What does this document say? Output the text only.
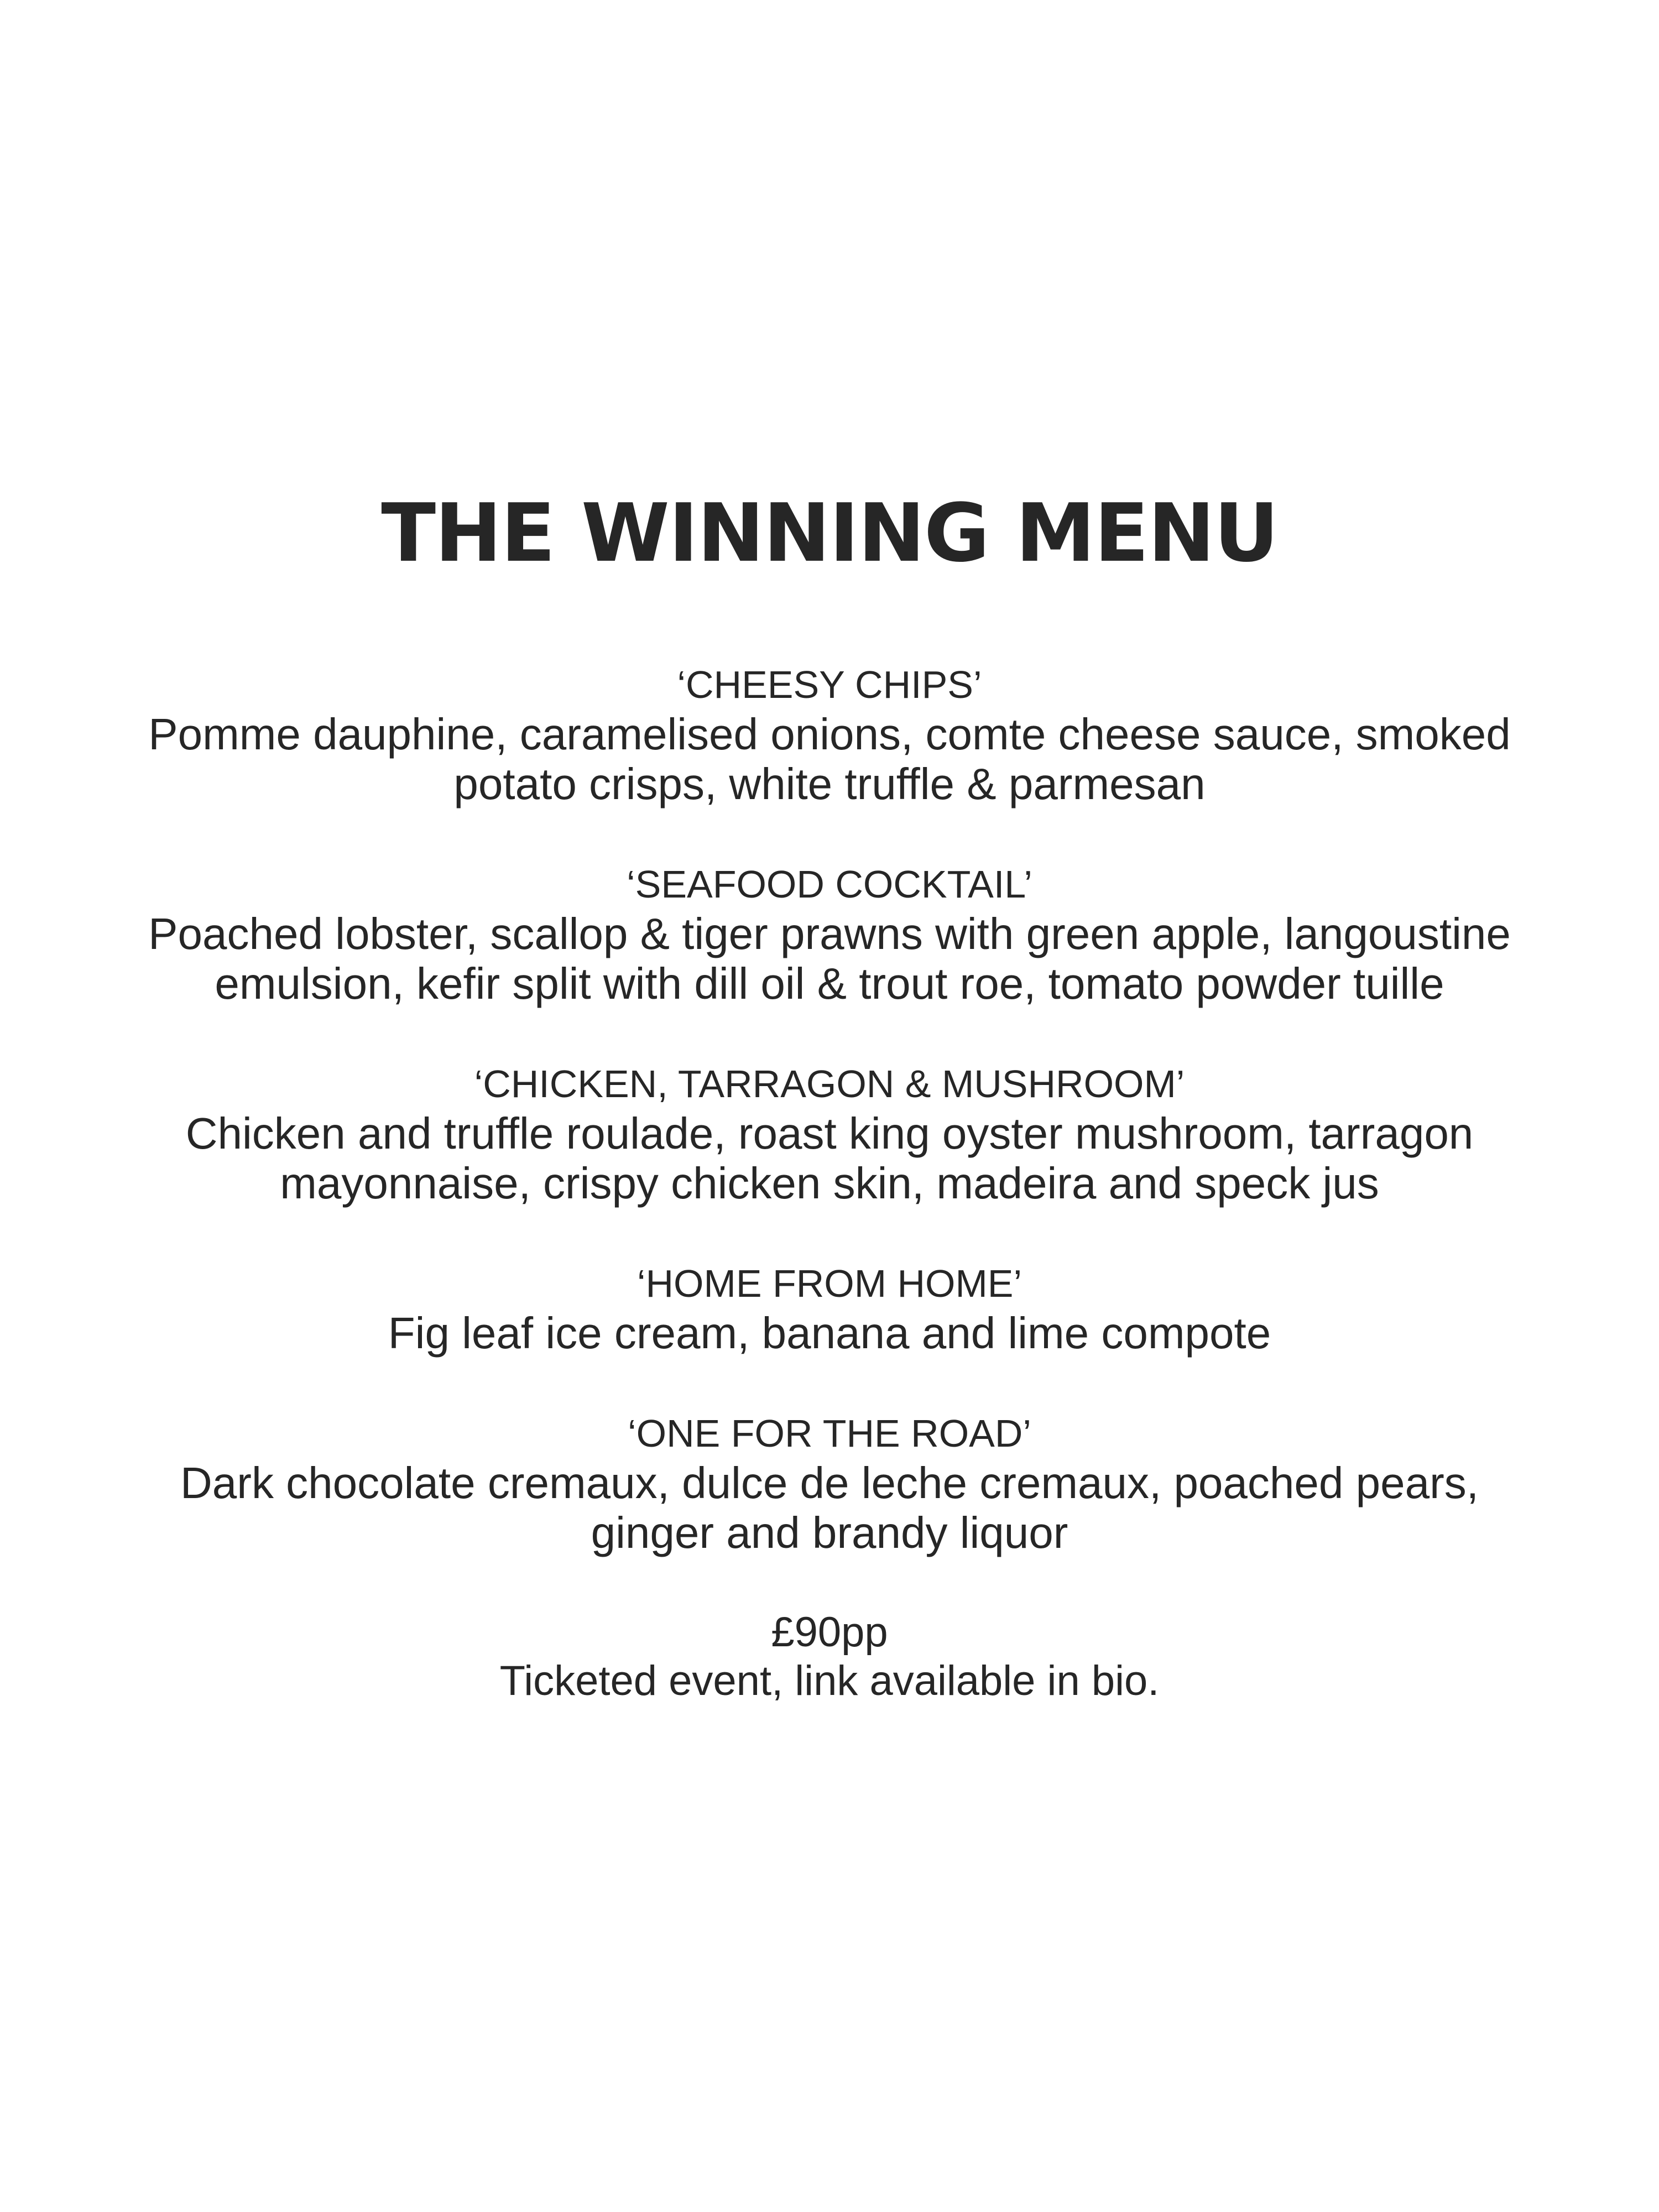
THE WINNING MENU
‘CHEESY CHIPS’
Pomme dauphine, caramelised onions, comte cheese sauce, smoked
potato crisps, white truffle & parmesan
‘SEAFOOD COCKTAIL’
Poached lobster, scallop & tiger prawns with green apple, langoustine
emulsion, kefir split with dill oil & trout roe, tomato powder tuille
‘CHICKEN, TARRAGON & MUSHROOM’
Chicken and truffle roulade, roast king oyster mushroom, tarragon
mayonnaise, crispy chicken skin, madeira and speck jus
‘HOME FROM HOME’
Fig leaf ice cream, banana and lime compote
‘ONE FOR THE ROAD’
Dark chocolate cremaux, dulce de leche cremaux, poached pears,
ginger and brandy liquor
£90pp
Ticketed event, link available in bio.
